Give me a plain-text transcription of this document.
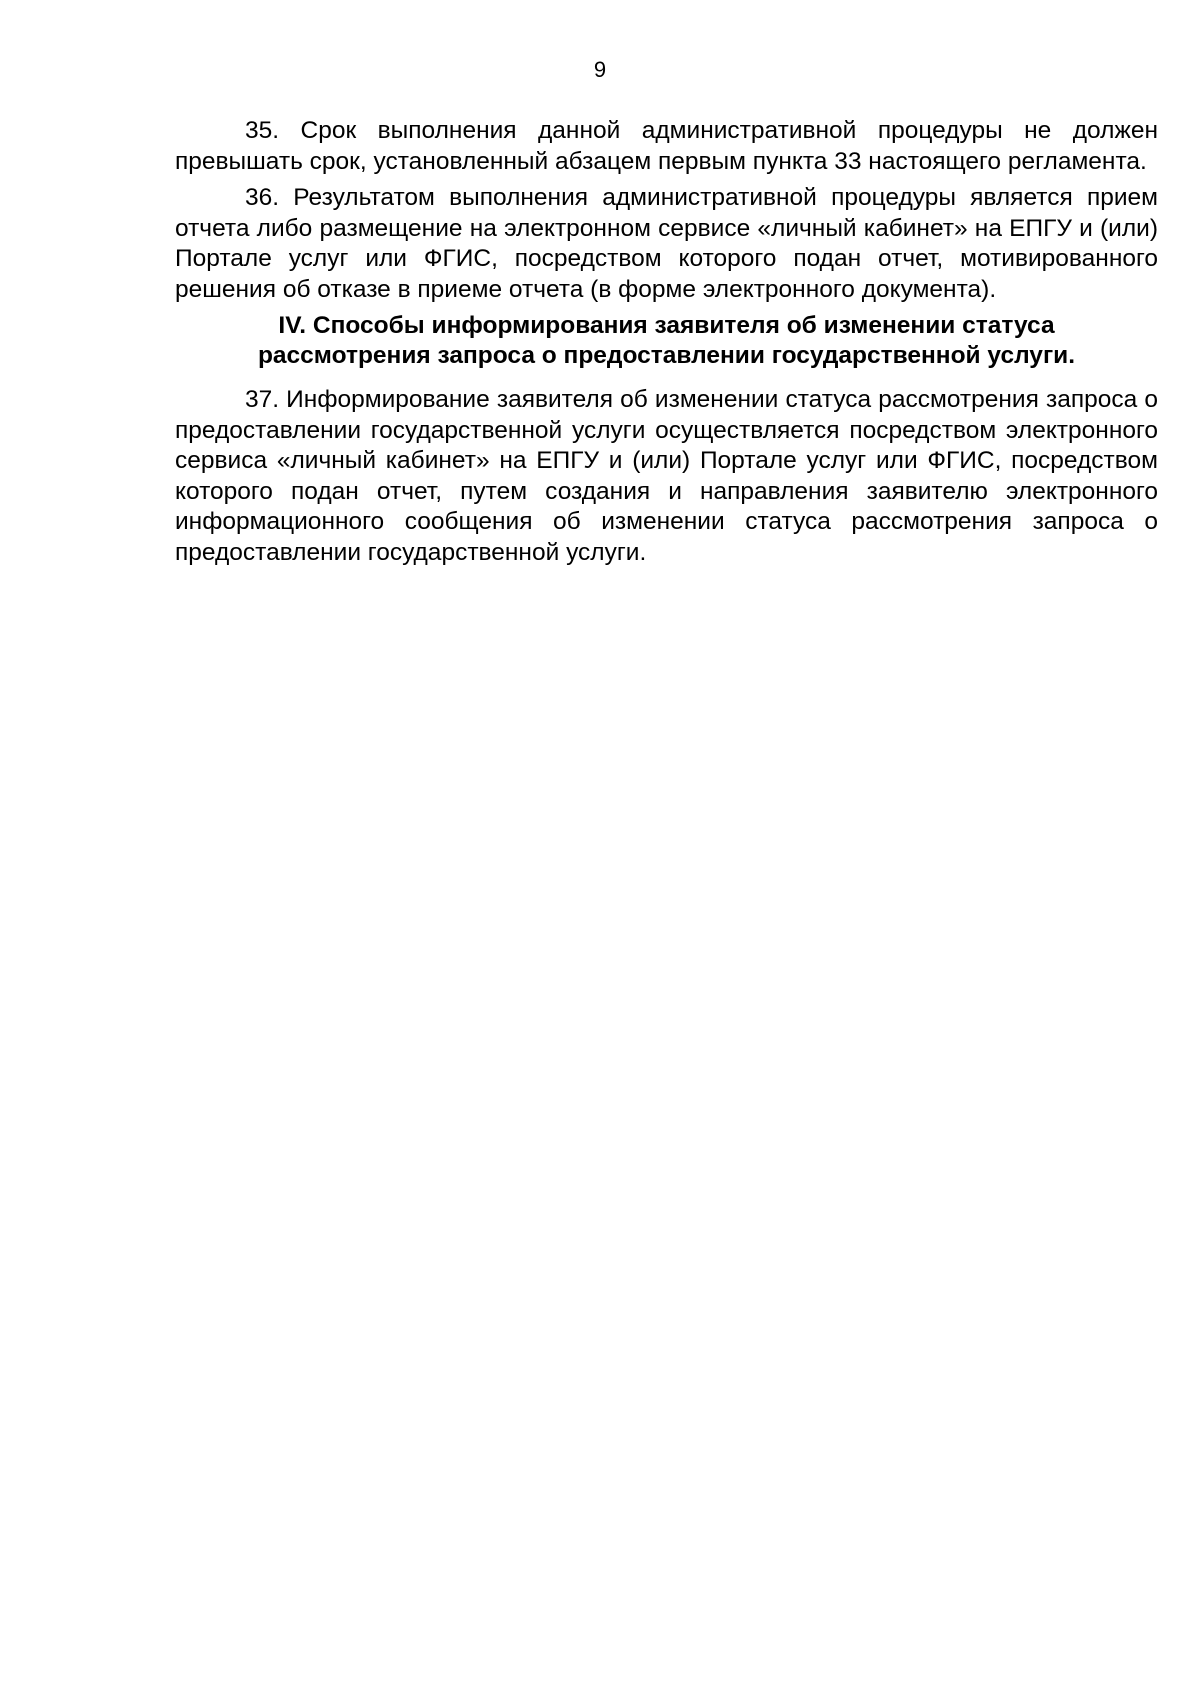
9

35. Срок выполнения данной административной процедуры не должен превышать срок, установленный абзацем первым пункта 33 настоящего регламента.

36. Результатом выполнения административной процедуры является прием отчета либо размещение на электронном сервисе «личный кабинет» на ЕПГУ и (или) Портале услуг или ФГИС, посредством которого подан отчет, мотивированного решения об отказе в приеме отчета (в форме электронного документа).

IV. Способы информирования заявителя об изменении статуса
рассмотрения запроса о предоставлении государственной услуги.

37. Информирование заявителя об изменении статуса рассмотрения запроса о предоставлении государственной услуги осуществляется посредством электронного сервиса «личный кабинет» на ЕПГУ и (или) Портале услуг или ФГИС, посредством которого подан отчет, путем создания и направления заявителю электронного информационного сообщения об изменении статуса рассмотрения запроса о предоставлении государственной услуги.
